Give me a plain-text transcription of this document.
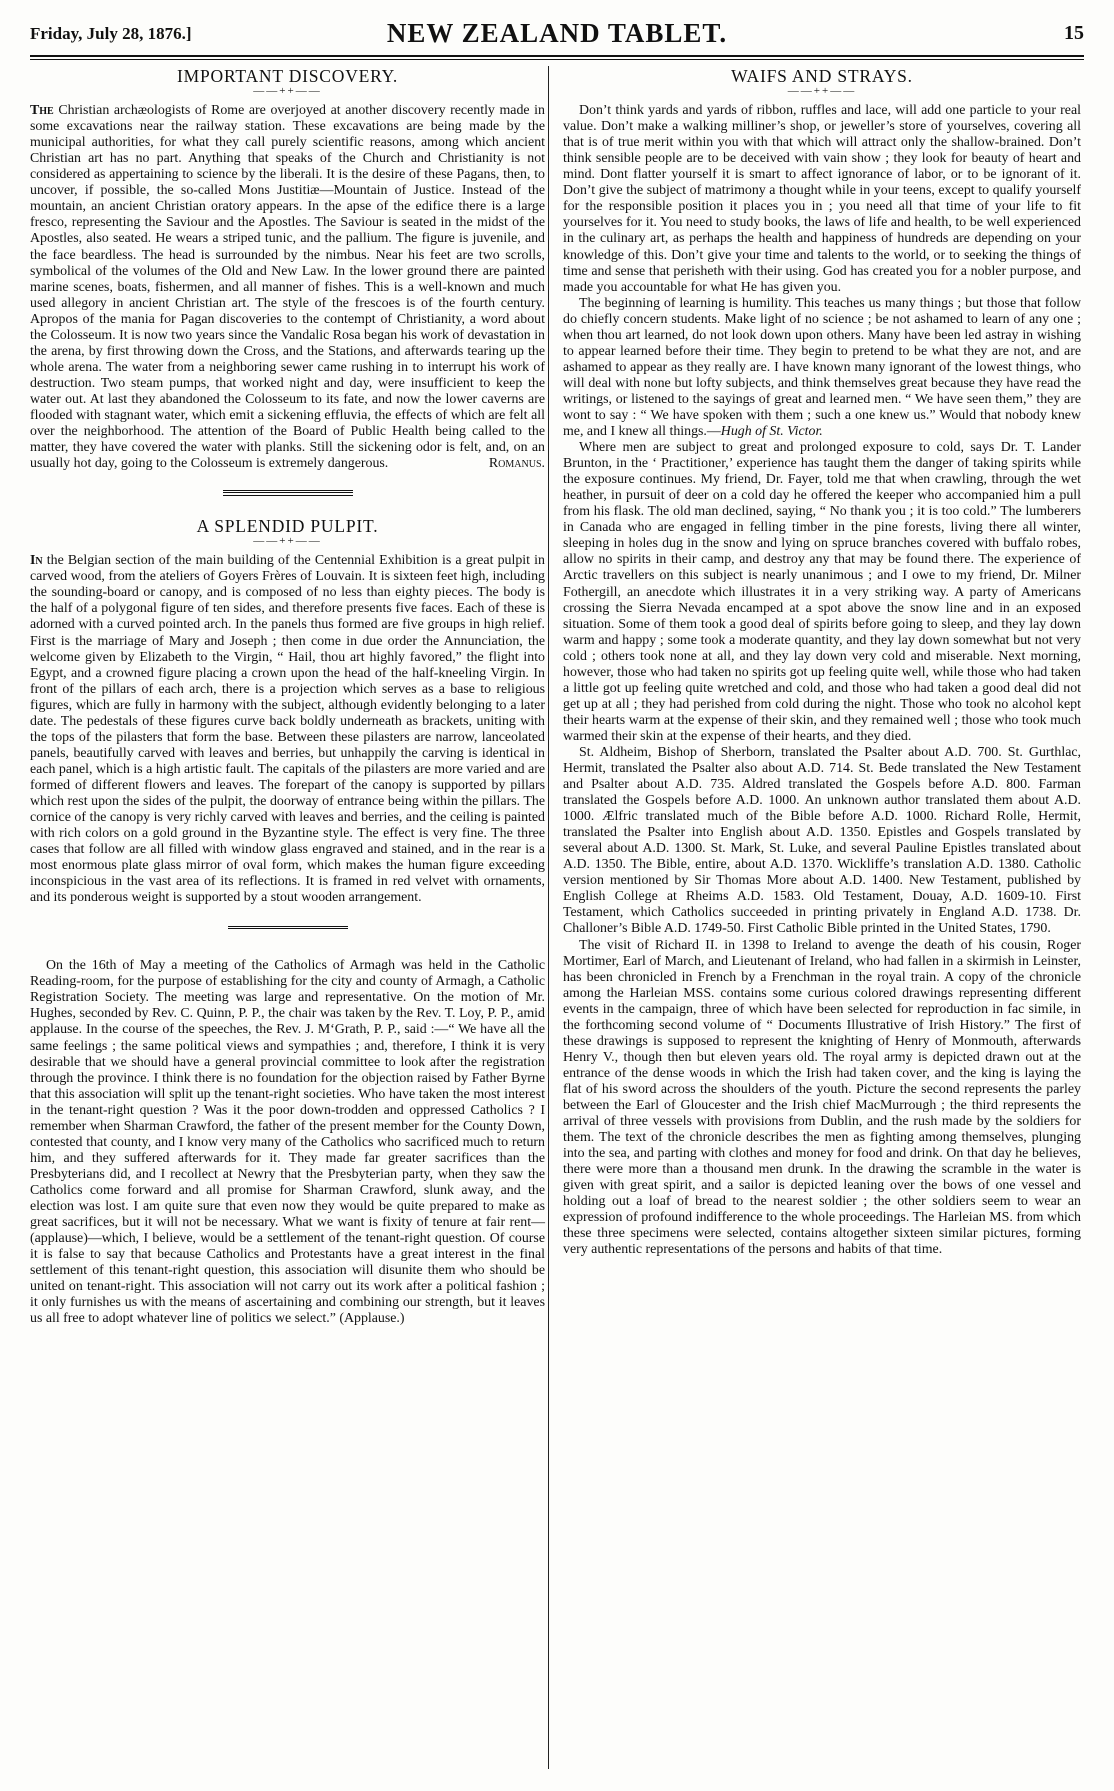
Friday, July 28, 1876.]	NEW ZEALAND TABLET.	15
IMPORTANT DISCOVERY.
——++——

The Christian archæologists of Rome are overjoyed at another discovery recently made in some excavations near the railway station. These excavations are being made by the municipal authorities, for what they call purely scientific reasons, among which ancient Christian art has no part. Anything that speaks of the Church and Christianity is not considered as appertaining to science by the liberali. It is the desire of these Pagans, then, to uncover, if possible, the so-called Mons Justitiæ—Mountain of Justice. Instead of the mountain, an ancient Christian oratory appears. In the apse of the edifice there is a large fresco, representing the Saviour and the Apostles. The Saviour is seated in the midst of the Apostles, also seated. He wears a striped tunic, and the pallium. The figure is juvenile, and the face beardless. The head is surrounded by the nimbus. Near his feet are two scrolls, symbolical of the volumes of the Old and New Law. In the lower ground there are painted marine scenes, boats, fishermen, and all manner of fishes. This is a well-known and much used allegory in ancient Christian art. The style of the frescoes is of the fourth century. Apropos of the mania for Pagan discoveries to the contempt of Christianity, a word about the Colosseum. It is now two years since the Vandalic Rosa began his work of devastation in the arena, by first throwing down the Cross, and the Stations, and afterwards tearing up the whole arena. The water from a neighboring sewer came rushing in to interrupt his work of destruction. Two steam pumps, that worked night and day, were insufficient to keep the water out. At last they abandoned the Colosseum to its fate, and now the lower caverns are flooded with stagnant water, which emit a sickening effluvia, the effects of which are felt all over the neighborhood. The attention of the Board of Public Health being called to the matter, they have covered the water with planks. Still the sickening odor is felt, and, on an usually hot day, going to the Colosseum is extremely dangerous.	Romanus.

A SPLENDID PULPIT.
——++——

In the Belgian section of the main building of the Centennial Exhibition is a great pulpit in carved wood, from the ateliers of Goyers Frères of Louvain. It is sixteen feet high, including the sounding-board or canopy, and is composed of no less than eighty pieces. The body is the half of a polygonal figure of ten sides, and therefore presents five faces. Each of these is adorned with a curved pointed arch. In the panels thus formed are five groups in high relief. First is the marriage of Mary and Joseph ; then come in due order the Annunciation, the welcome given by Elizabeth to the Virgin, “ Hail, thou art highly favored,” the flight into Egypt, and a crowned figure placing a crown upon the head of the half-kneeling Virgin. In front of the pillars of each arch, there is a projection which serves as a base to religious figures, which are fully in harmony with the subject, although evidently belonging to a later date. The pedestals of these figures curve back boldly underneath as brackets, uniting with the tops of the pilasters that form the base. Between these pilasters are narrow, lanceolated panels, beautifully carved with leaves and berries, but unhappily the carving is identical in each panel, which is a high artistic fault. The capitals of the pilasters are more varied and are formed of different flowers and leaves. The forepart of the canopy is supported by pillars which rest upon the sides of the pulpit, the doorway of entrance being within the pillars. The cornice of the canopy is very richly carved with leaves and berries, and the ceiling is painted with rich colors on a gold ground in the Byzantine style. The effect is very fine. The three cases that follow are all filled with window glass engraved and stained, and in the rear is a most enormous plate glass mirror of oval form, which makes the human figure exceeding inconspicious in the vast area of its reflections. It is framed in red velvet with ornaments, and its ponderous weight is supported by a stout wooden arrangement.

On the 16th of May a meeting of the Catholics of Armagh was held in the Catholic Reading-room, for the purpose of establishing for the city and county of Armagh, a Catholic Registration Society. The meeting was large and representative. On the motion of Mr. Hughes, seconded by Rev. C. Quinn, P. P., the chair was taken by the Rev. T. Loy, P. P., amid applause. In the course of the speeches, the Rev. J. M‘Grath, P. P., said :—“ We have all the same feelings ; the same political views and sympathies ; and, therefore, I think it is very desirable that we should have a general provincial committee to look after the registration through the province. I think there is no foundation for the objection raised by Father Byrne that this association will split up the tenant-right societies. Who have taken the most interest in the tenant-right question ? Was it the poor down-trodden and oppressed Catholics ? I remember when Sharman Crawford, the father of the present member for the County Down, contested that county, and I know very many of the Catholics who sacrificed much to return him, and they suffered afterwards for it. They made far greater sacrifices than the Presbyterians did, and I recollect at Newry that the Presbyterian party, when they saw the Catholics come forward and all promise for Sharman Crawford, slunk away, and the election was lost. I am quite sure that even now they would be quite prepared to make as great sacrifices, but it will not be necessary. What we want is fixity of tenure at fair rent—(applause)—which, I believe, would be a settlement of the tenant-right question. Of course it is false to say that because Catholics and Protestants have a great interest in the final settlement of this tenant-right question, this association will disunite them who should be united on tenant-right. This association will not carry out its work after a political fashion ; it only furnishes us with the means of ascertaining and combining our strength, but it leaves us all free to adopt whatever line of politics we select.” (Applause.)

WAIFS AND STRAYS.
——++——

Don’t think yards and yards of ribbon, ruffles and lace, will add one particle to your real value. Don’t make a walking milliner’s shop, or jeweller’s store of yourselves, covering all that is of true merit within you with that which will attract only the shallow-brained. Don’t think sensible people are to be deceived with vain show ; they look for beauty of heart and mind. Dont flatter yourself it is smart to affect ignorance of labor, or to be ignorant of it. Don’t give the subject of matrimony a thought while in your teens, except to qualify yourself for the responsible position it places you in ; you need all that time of your life to fit yourselves for it. You need to study books, the laws of life and health, to be well experienced in the culinary art, as perhaps the health and happiness of hundreds are depending on your knowledge of this. Don’t give your time and talents to the world, or to seeking the things of time and sense that perisheth with their using. God has created you for a nobler purpose, and made you accountable for what He has given you.

The beginning of learning is humility. This teaches us many things ; but those that follow do chiefly concern students. Make light of no science ; be not ashamed to learn of any one ; when thou art learned, do not look down upon others. Many have been led astray in wishing to appear learned before their time. They begin to pretend to be what they are not, and are ashamed to appear as they really are. I have known many ignorant of the lowest things, who will deal with none but lofty subjects, and think themselves great because they have read the writings, or listened to the sayings of great and learned men. “ We have seen them,” they are wont to say : “ We have spoken with them ; such a one knew us.” Would that nobody knew me, and I knew all things.—Hugh of St. Victor.

Where men are subject to great and prolonged exposure to cold, says Dr. T. Lander Brunton, in the ‘ Practitioner,’ experience has taught them the danger of taking spirits while the exposure continues. My friend, Dr. Fayer, told me that when crawling, through the wet heather, in pursuit of deer on a cold day he offered the keeper who accompanied him a pull from his flask. The old man declined, saying, “ No thank you ; it is too cold.” The lumberers in Canada who are engaged in felling timber in the pine forests, living there all winter, sleeping in holes dug in the snow and lying on spruce branches covered with buffalo robes, allow no spirits in their camp, and destroy any that may be found there. The experience of Arctic travellers on this subject is nearly unanimous ; and I owe to my friend, Dr. Milner Fothergill, an anecdote which illustrates it in a very striking way. A party of Americans crossing the Sierra Nevada encamped at a spot above the snow line and in an exposed situation. Some of them took a good deal of spirits before going to sleep, and they lay down warm and happy ; some took a moderate quantity, and they lay down somewhat but not very cold ; others took none at all, and they lay down very cold and miserable. Next morning, however, those who had taken no spirits got up feeling quite well, while those who had taken a little got up feeling quite wretched and cold, and those who had taken a good deal did not get up at all ; they had perished from cold during the night. Those who took no alcohol kept their hearts warm at the expense of their skin, and they remained well ; those who took much warmed their skin at the expense of their hearts, and they died.

St. Aldheim, Bishop of Sherborn, translated the Psalter about A.D. 700. St. Gurthlac, Hermit, translated the Psalter also about A.D. 714. St. Bede translated the New Testament and Psalter about A.D. 735. Aldred translated the Gospels before A.D. 800. Farman translated the Gospels before A.D. 1000. An unknown author translated them about A.D. 1000. Ælfric translated much of the Bible before A.D. 1000. Richard Rolle, Hermit, translated the Psalter into English about A.D. 1350. Epistles and Gospels translated by several about A.D. 1300. St. Mark, St. Luke, and several Pauline Epistles translated about A.D. 1350. The Bible, entire, about A.D. 1370. Wickliffe’s translation A.D. 1380. Catholic version mentioned by Sir Thomas More about A.D. 1400. New Testament, published by English College at Rheims A.D. 1583. Old Testament, Douay, A.D. 1609-10. First Testament, which Catholics succeeded in printing privately in England A.D. 1738. Dr. Challoner’s Bible A.D. 1749-50. First Catholic Bible printed in the United States, 1790.

The visit of Richard II. in 1398 to Ireland to avenge the death of his cousin, Roger Mortimer, Earl of March, and Lieutenant of Ireland, who had fallen in a skirmish in Leinster, has been chronicled in French by a Frenchman in the royal train. A copy of the chronicle among the Harleian MSS. contains some curious colored drawings representing different events in the campaign, three of which have been selected for reproduction in fac simile, in the forthcoming second volume of “ Documents Illustrative of Irish History.” The first of these drawings is supposed to represent the knighting of Henry of Monmouth, afterwards Henry V., though then but eleven years old. The royal army is depicted drawn out at the entrance of the dense woods in which the Irish had taken cover, and the king is laying the flat of his sword across the shoulders of the youth. Picture the second represents the parley between the Earl of Gloucester and the Irish chief MacMurrough ; the third represents the arrival of three vessels with provisions from Dublin, and the rush made by the soldiers for them. The text of the chronicle describes the men as fighting among themselves, plunging into the sea, and parting with clothes and money for food and drink. On that day he believes, there were more than a thousand men drunk. In the drawing the scramble in the water is given with great spirit, and a sailor is depicted leaning over the bows of one vessel and holding out a loaf of bread to the nearest soldier ; the other soldiers seem to wear an expression of profound indifference to the whole proceedings. The Harleian MS. from which these three specimens were selected, contains altogether sixteen similar pictures, forming very authentic representations of the persons and habits of that time.
